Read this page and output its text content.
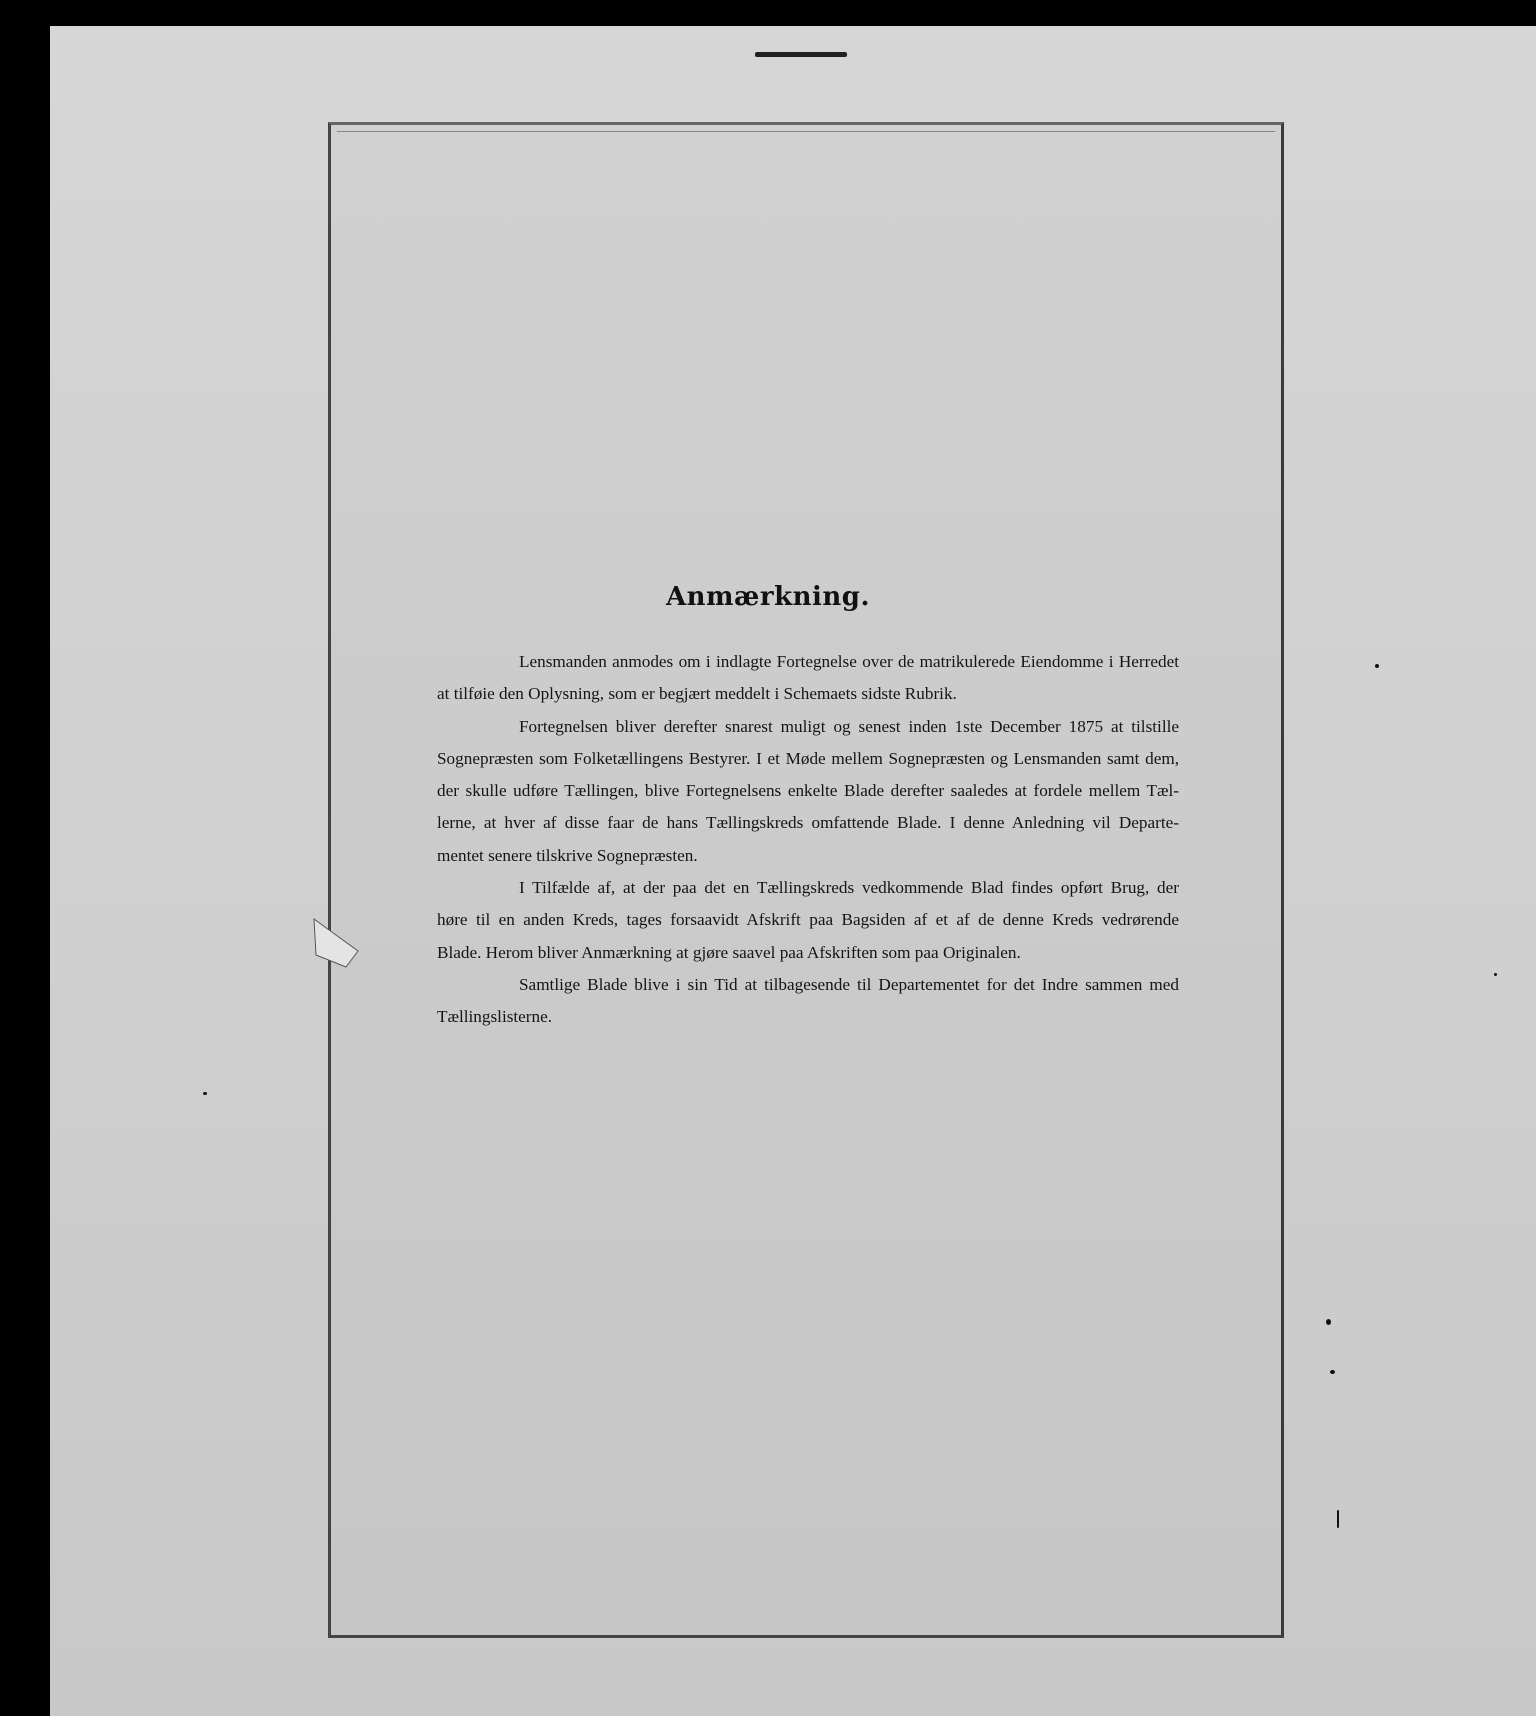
Anmærkning.
Lensmanden anmodes om i indlagte Fortegnelse over de matrikulerede Eiendomme i Herredet
at tilføie den Oplysning, som er begjært meddelt i Schemaets sidste Rubrik.
Fortegnelsen bliver derefter snarest muligt og senest inden 1ste December 1875 at tilstille
Sognepræsten som Folketællingens Bestyrer. I et Møde mellem Sognepræsten og Lensmanden samt dem,
der skulle udføre Tællingen, blive Fortegnelsens enkelte Blade derefter saaledes at fordele mellem Tæl-
lerne, at hver af disse faar de hans Tællingskreds omfattende Blade. I denne Anledning vil Departe-
mentet senere tilskrive Sognepræsten.
I Tilfælde af, at der paa det en Tællingskreds vedkommende Blad findes opført Brug, der
høre til en anden Kreds, tages forsaavidt Afskrift paa Bagsiden af et af de denne Kreds vedrørende
Blade. Herom bliver Anmærkning at gjøre saavel paa Afskriften som paa Originalen.
Samtlige Blade blive i sin Tid at tilbagesende til Departementet for det Indre sammen med
Tællingslisterne.
